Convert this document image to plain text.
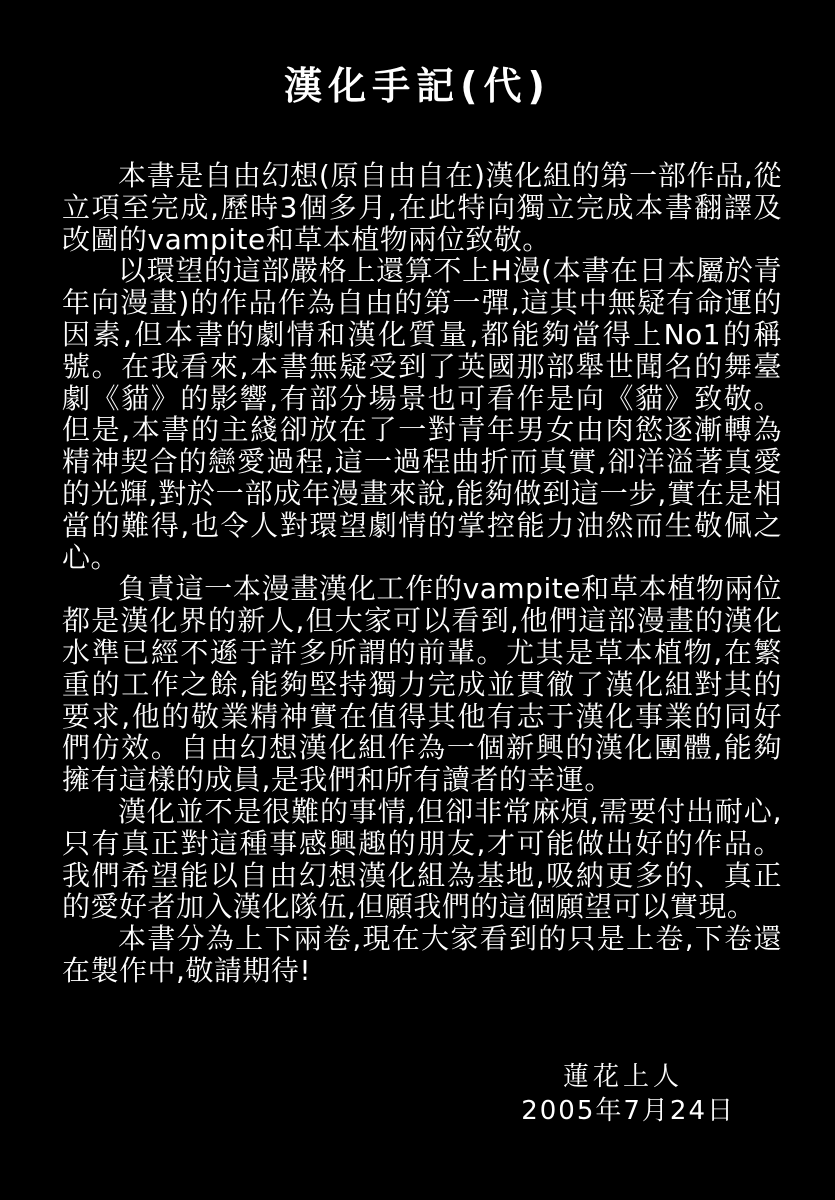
漢化手記(代)

本書是自由幻想(原自由自在)漢化組的第一部作品,從立項至完成,歷時3個多月,在此特向獨立完成本書翻譯及改圖的vampite和草本植物兩位致敬。

以環望的這部嚴格上還算不上H漫(本書在日本屬於青年向漫畫)的作品作為自由的第一彈,這其中無疑有命運的因素,但本書的劇情和漢化質量,都能夠當得上No1的稱號。在我看來,本書無疑受到了英國那部舉世聞名的舞臺劇《貓》的影響,有部分場景也可看作是向《貓》致敬。但是,本書的主綫卻放在了一對青年男女由肉慾逐漸轉為精神契合的戀愛過程,這一過程曲折而真實,卻洋溢著真愛的光輝,對於一部成年漫畫來說,能夠做到這一步,實在是相當的難得,也令人對環望劇情的掌控能力油然而生敬佩之心。

負責這一本漫畫漢化工作的vampite和草本植物兩位都是漢化界的新人,但大家可以看到,他們這部漫畫的漢化水準已經不遜于許多所謂的前輩。尤其是草本植物,在繁重的工作之餘,能夠堅持獨力完成並貫徹了漢化組對其的要求,他的敬業精神實在值得其他有志于漢化事業的同好們仿效。自由幻想漢化組作為一個新興的漢化團體,能夠擁有這樣的成員,是我們和所有讀者的幸運。

漢化並不是很難的事情,但卻非常麻煩,需要付出耐心,只有真正對這種事感興趣的朋友,才可能做出好的作品。我們希望能以自由幻想漢化組為基地,吸納更多的、真正的愛好者加入漢化隊伍,但願我們的這個願望可以實現。

本書分為上下兩卷,現在大家看到的只是上卷,下卷還在製作中,敬請期待!

蓮花上人
2005年7月24日
